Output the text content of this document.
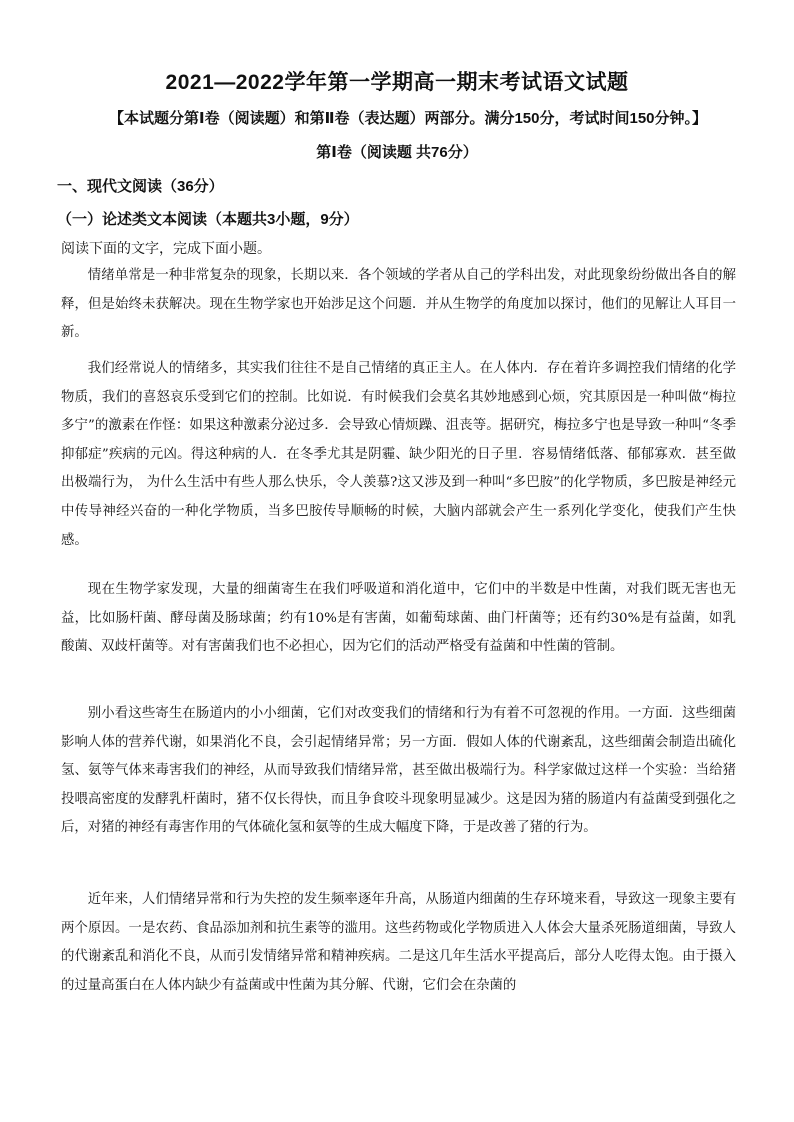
2021—2022学年第一学期高一期末考试语文试题
【本试题分第Ⅰ卷（阅读题）和第Ⅱ卷（表达题）两部分。满分150分，考试时间150分钟。】
第Ⅰ卷（阅读题 共76分）
一、现代文阅读（36分）
（一）论述类文本阅读（本题共3小题，9分）
阅读下面的文字，完成下面小题。

情绪单常是一种非常复杂的现象，长期以来．各个领域的学者从自己的学科出发，对此现象纷纷做出各自的解释，但是始终未获解决。现在生物学家也开始涉足这个问题．并从生物学的角度加以探讨，他们的见解让人耳目一新。

我们经常说人的情绪多，其实我们往往不是自己情绪的真正主人。在人体内．存在着许多调控我们情绪的化学物质，我们的喜怒哀乐受到它们的控制。比如说．有时候我们会莫名其妙地感到心烦，究其原因是一种叫做“梅拉多宁”的激素在作怪：如果这种激素分泌过多．会导致心情烦躁、沮丧等。据研究，梅拉多宁也是导致一种叫“冬季抑郁症”疾病的元凶。得这种病的人．在冬季尤其是阴霾、缺少阳光的日子里．容易情绪低落、郁郁寡欢．甚至做出极端行为， 为什么生活中有些人那么快乐，令人羡慕?这又涉及到一种叫“多巴胺”的化学物质，多巴胺是神经元中传导神经兴奋的一种化学物质，当多巴胺传导顺畅的时候，大脑内部就会产生一系列化学变化，使我们产生快感。

现在生物学家发现，大量的细菌寄生在我们呼吸道和消化道中，它们中的半数是中性菌，对我们既无害也无益，比如肠杆菌、酵母菌及肠球菌；约有10%是有害菌，如葡萄球菌、曲门杆菌等；还有约30%是有益菌，如乳酸菌、双歧杆菌等。对有害菌我们也不必担心，因为它们的活动严格受有益菌和中性菌的管制。

别小看这些寄生在肠道内的小小细菌，它们对改变我们的情绪和行为有着不可忽视的作用。一方面．这些细菌影响人体的营养代谢，如果消化不良，会引起情绪异常；另一方面．假如人体的代谢紊乱，这些细菌会制造出硫化氢、氨等气体来毒害我们的神经，从而导致我们情绪异常，甚至做出极端行为。科学家做过这样一个实验：当给猪投喂高密度的发酵乳杆菌时，猪不仅长得快，而且争食咬斗现象明显减少。这是因为猪的肠道内有益菌受到强化之后，对猪的神经有毒害作用的气体硫化氢和氨等的生成大幅度下降，于是改善了猪的行为。

近年来，人们情绪异常和行为失控的发生频率逐年升高，从肠道内细菌的生存环境来看，导致这一现象主要有两个原因。一是农药、食品添加剂和抗生素等的滥用。这些药物或化学物质进入人体会大量杀死肠道细菌，导致人的代谢紊乱和消化不良，从而引发情绪异常和精神疾病。二是这几年生活水平提高后，部分人吃得太饱。由于摄入的过量高蛋白在人体内缺少有益菌或中性菌为其分解、代谢，它们会在杂菌的
